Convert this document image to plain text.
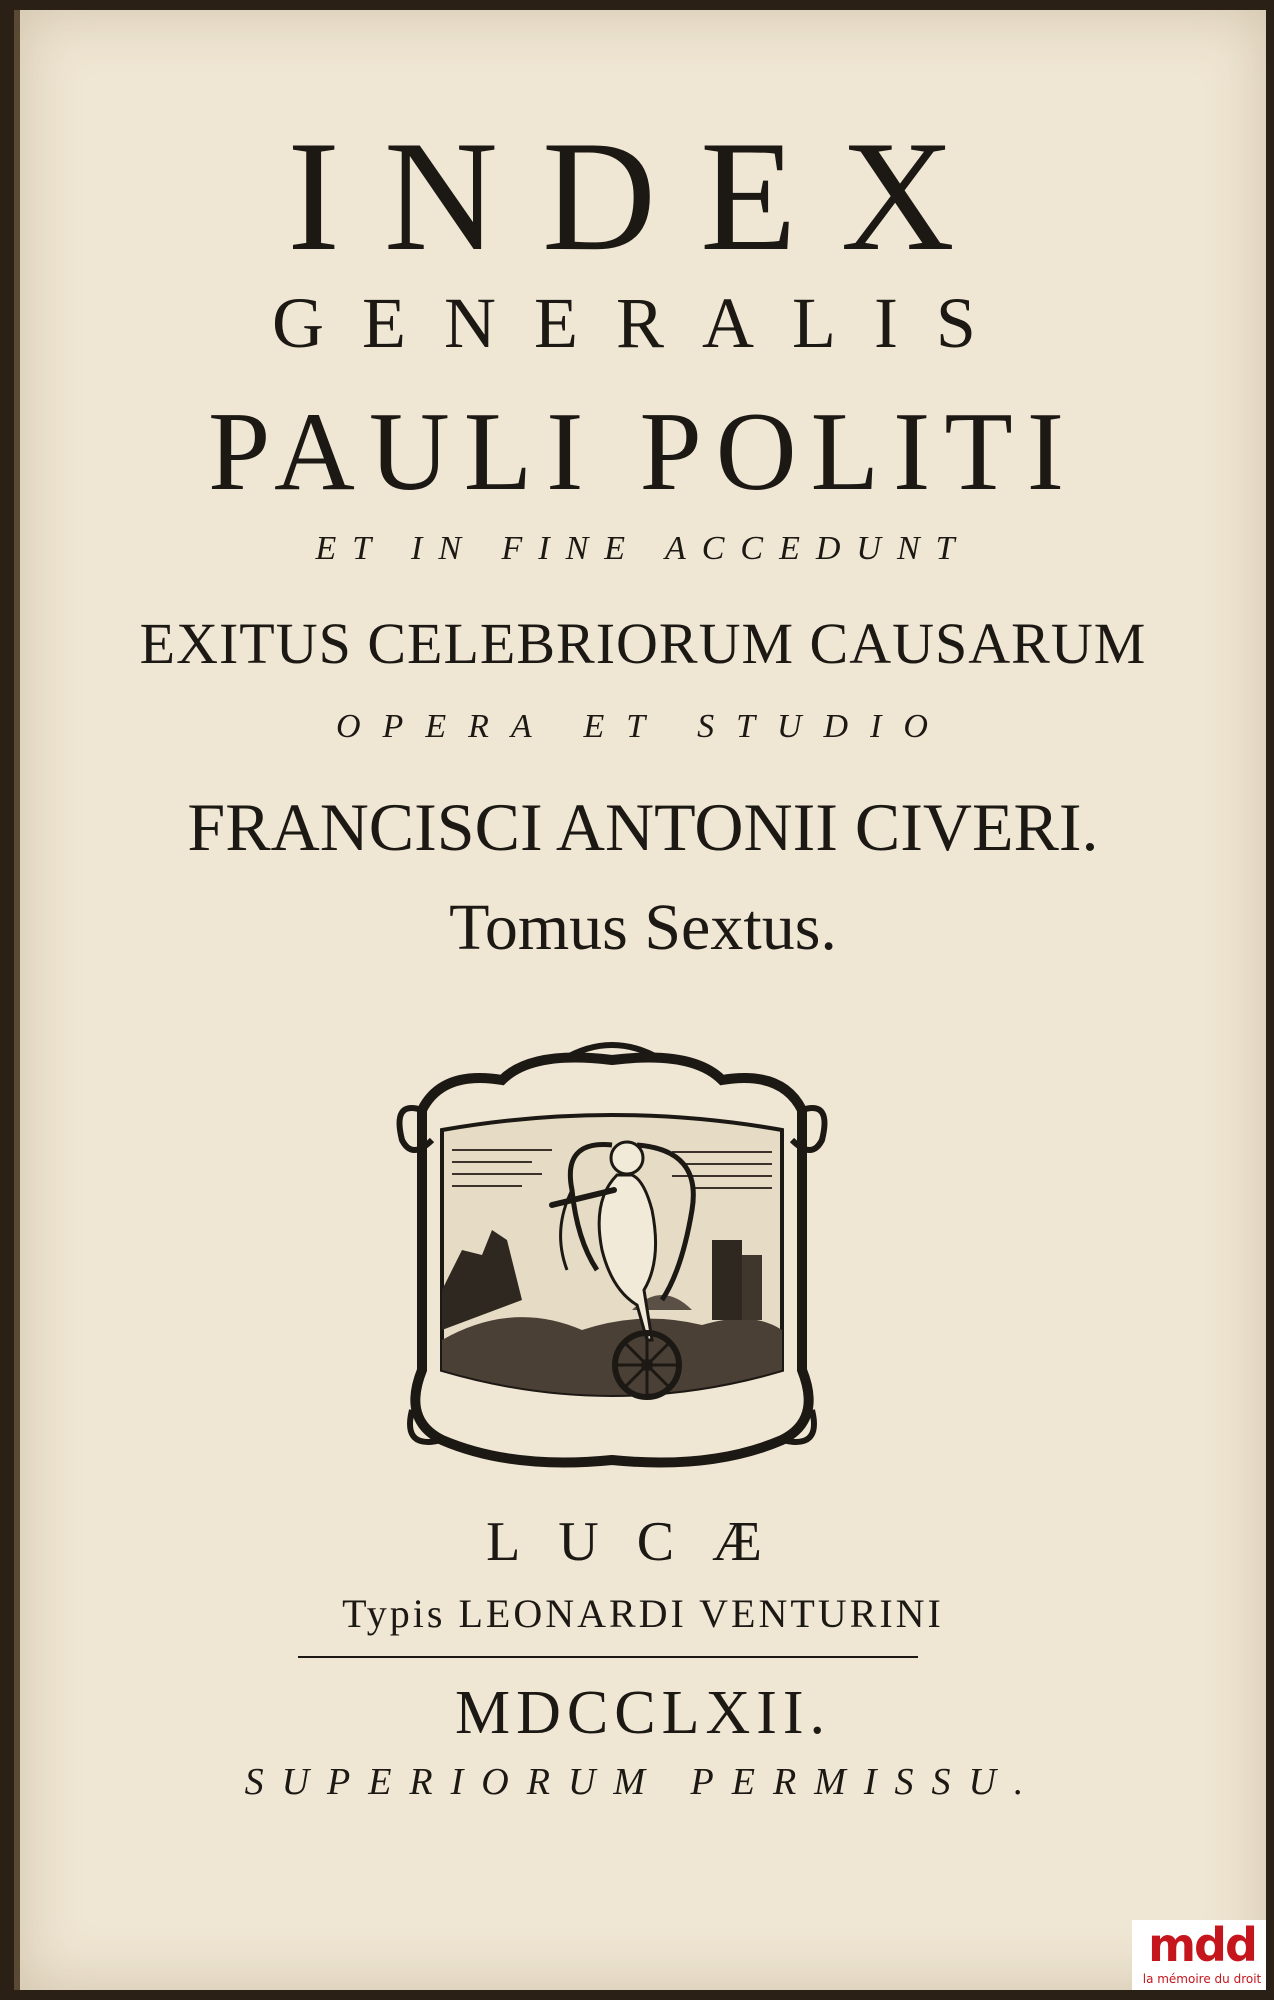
INDEX
GENERALIS
PAULI POLITI
ET IN FINE ACCEDUNT
EXITUS CELEBRIORUM CAUSARUM
OPERA ET STUDIO
FRANCISCI ANTONII CIVERI.
Tomus Sextus.
LUCÆ
Typis LEONARDI VENTURINI
MDCCLXII.
SUPERIORUM PERMISSU.
mdd
la mémoire du droit
